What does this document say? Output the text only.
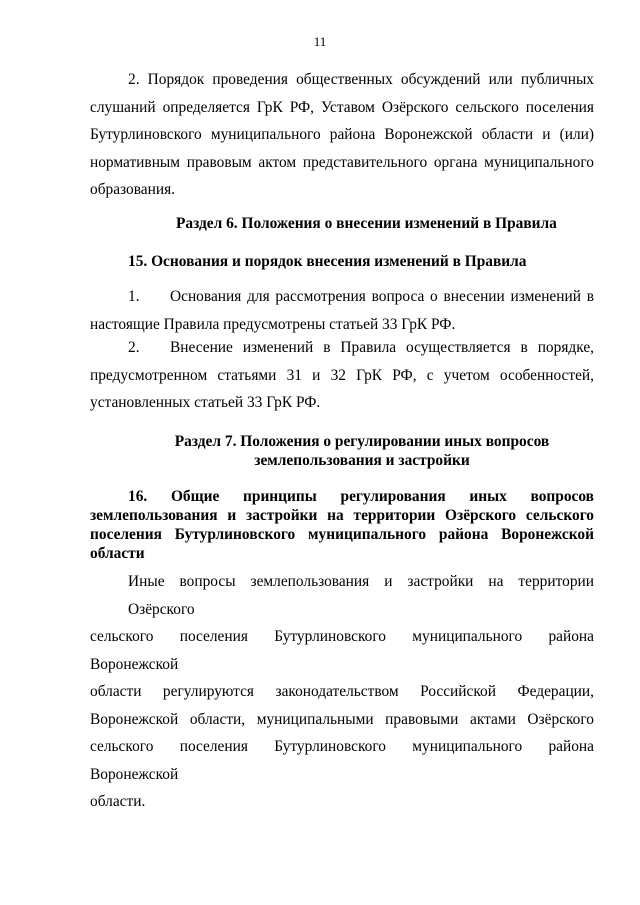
11
2. Порядок проведения общественных обсуждений или публичных
слушаний определяется ГрК РФ, Уставом Озёрского сельского поселения
Бутурлиновского муниципального района Воронежской области и (или)
нормативным правовым актом представительного органа муниципального
образования.
Раздел 6. Положения о внесении изменений в Правила
15. Основания и порядок внесения изменений в Правила
1. Основания для рассмотрения вопроса о внесении изменений в
настоящие Правила предусмотрены статьей 33 ГрК РФ.
2. Внесение изменений в Правила осуществляется в порядке,
предусмотренном статьями 31 и 32 ГрК РФ, с учетом особенностей,
установленных статьей 33 ГрК РФ.
Раздел 7. Положения о регулировании иных вопросов
землепользования и застройки
16. Общие принципы регулирования иных вопросов
землепользования и застройки на территории Озёрского сельского
поселения Бутурлиновского муниципального района Воронежской
области
Иные вопросы землепользования и застройки на территории Озёрского
сельского поселения Бутурлиновского муниципального района Воронежской
области регулируются законодательством Российской Федерации,
Воронежской области, муниципальными правовыми актами Озёрского
сельского поселения Бутурлиновского муниципального района Воронежской
области.
